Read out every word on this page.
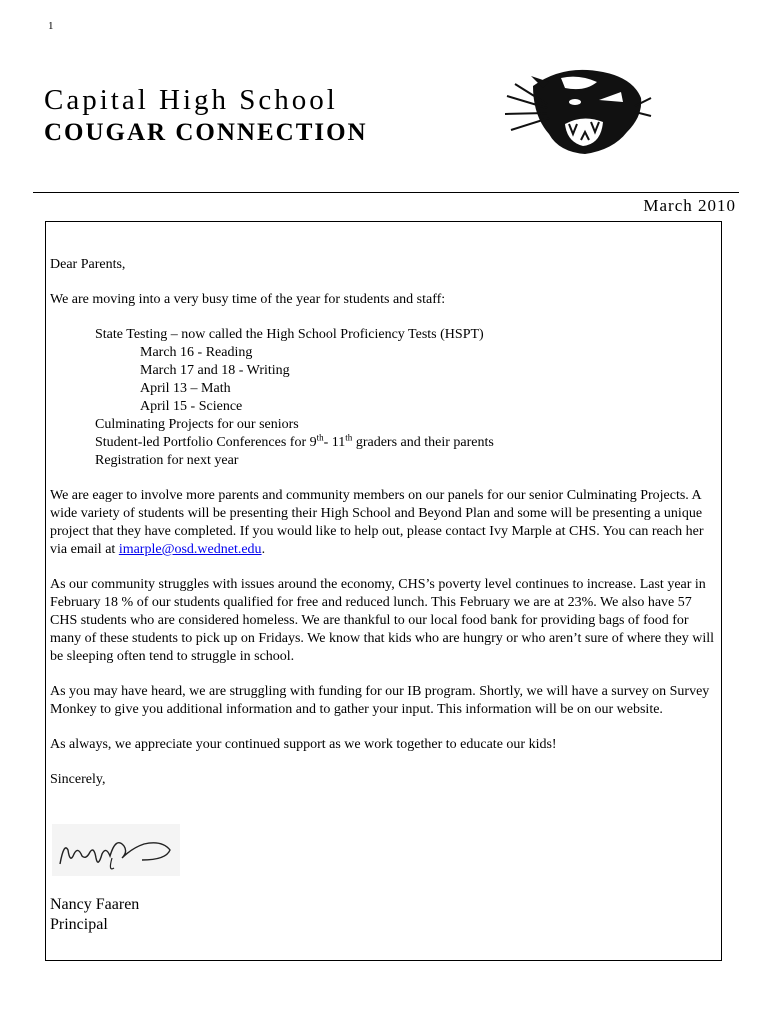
1
Capital High School
COUGAR CONNECTION
March 2010

Dear Parents,

We are moving into a very busy time of the year for students and staff:

State Testing – now called the High School Proficiency Tests (HSPT)
March 16 - Reading
March 17 and 18 - Writing
April 13 – Math
April 15 - Science
Culminating Projects for our seniors
Student-led Portfolio Conferences for 9th- 11th graders and their parents
Registration for next year

We are eager to involve more parents and community members on our panels for our senior Culminating Projects. A wide variety of students will be presenting their High School and Beyond Plan and some will be presenting a unique project that they have completed. If you would like to help out, please contact Ivy Marple at CHS. You can reach her via email at imarple@osd.wednet.edu.

As our community struggles with issues around the economy, CHS’s poverty level continues to increase. Last year in February 18 % of our students qualified for free and reduced lunch. This February we are at 23%. We also have 57 CHS students who are considered homeless. We are thankful to our local food bank for providing bags of food for many of these students to pick up on Fridays. We know that kids who are hungry or who aren’t sure of where they will be sleeping often tend to struggle in school.

As you may have heard, we are struggling with funding for our IB program. Shortly, we will have a survey on Survey Monkey to give you additional information and to gather your input. This information will be on our website.

As always, we appreciate your continued support as we work together to educate our kids!

Sincerely,

Nancy Faaren
Principal
